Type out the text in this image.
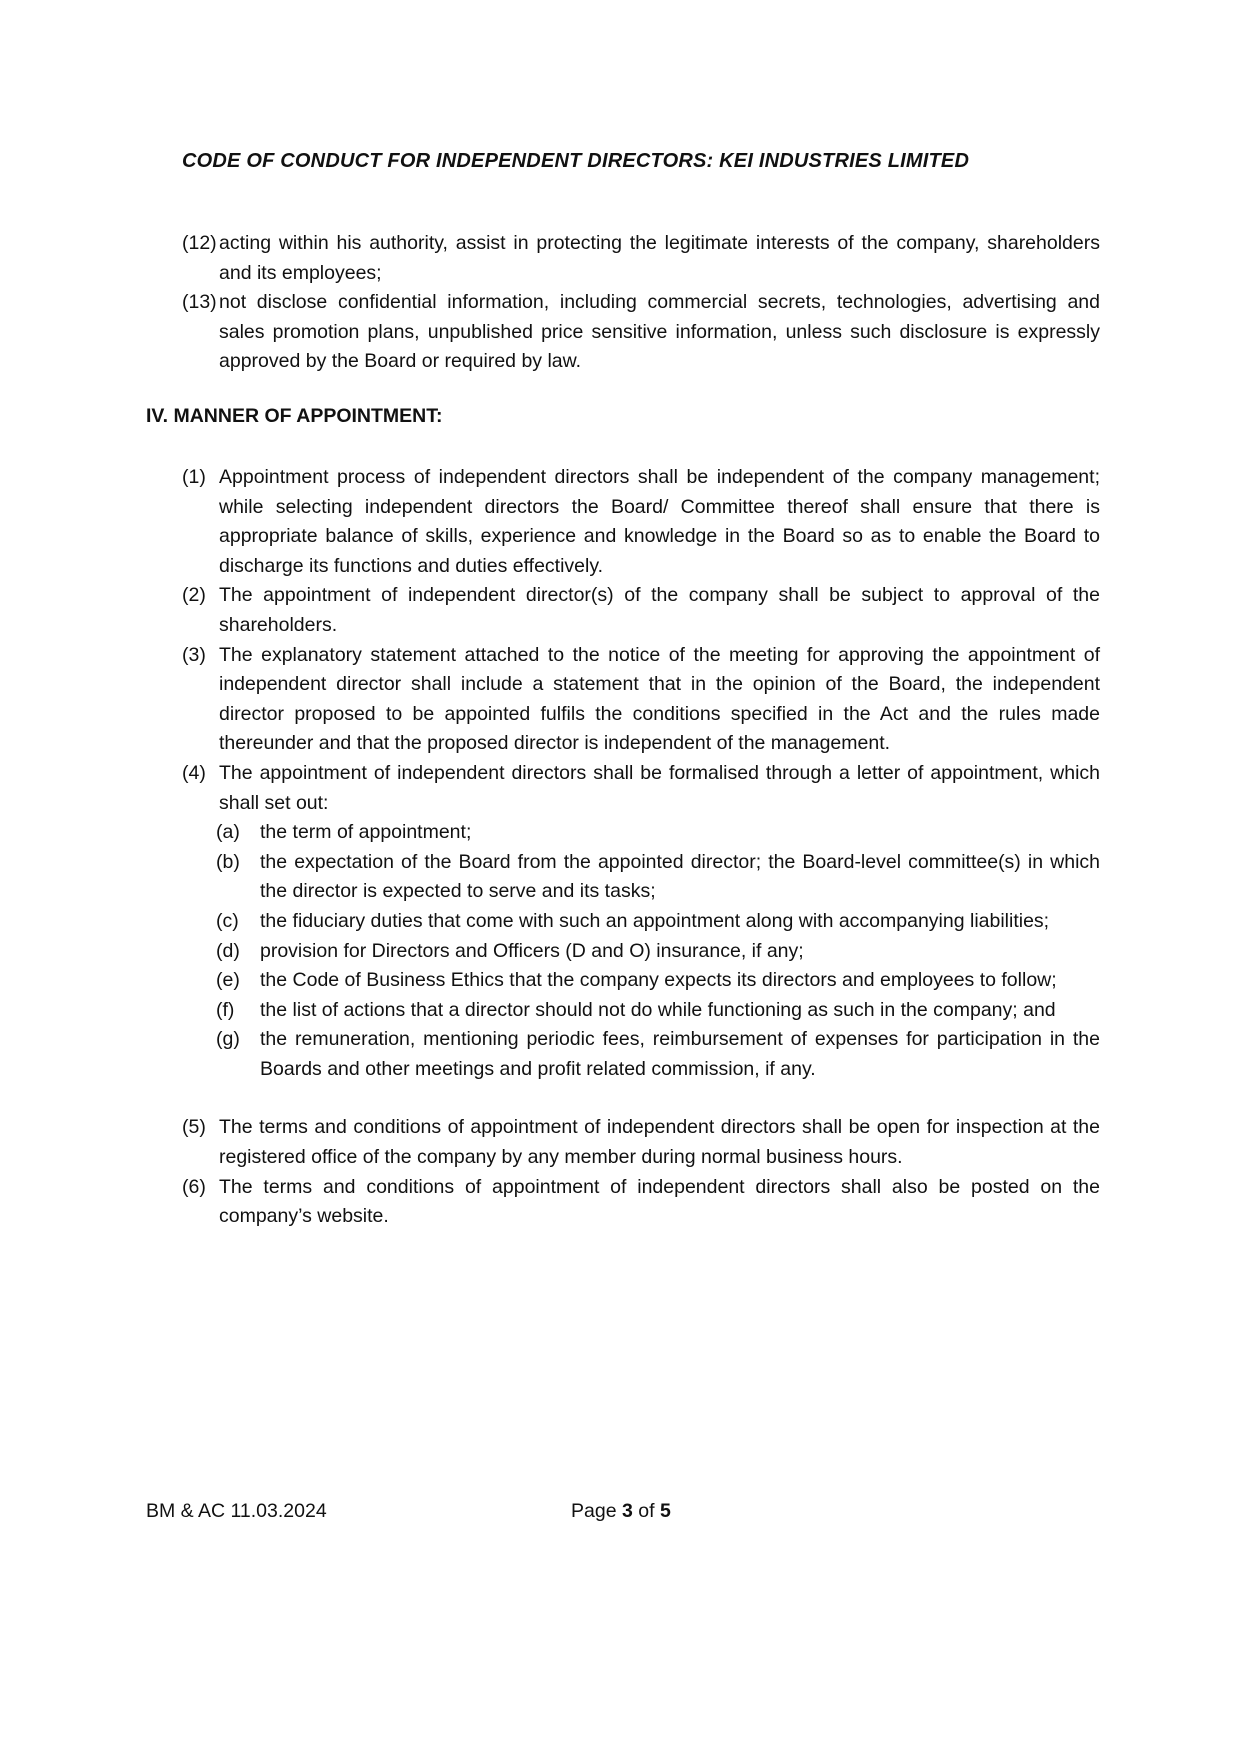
CODE OF CONDUCT FOR INDEPENDENT DIRECTORS: KEI INDUSTRIES LIMITED
(12) acting within his authority, assist in protecting the legitimate interests of the company, shareholders and its employees;
(13) not disclose confidential information, including commercial secrets, technologies, advertising and sales promotion plans, unpublished price sensitive information, unless such disclosure is expressly approved by the Board or required by law.
IV. MANNER OF APPOINTMENT:
(1) Appointment process of independent directors shall be independent of the company management; while selecting independent directors the Board/ Committee thereof shall ensure that there is appropriate balance of skills, experience and knowledge in the Board so as to enable the Board to discharge its functions and duties effectively.
(2) The appointment of independent director(s) of the company shall be subject to approval of the shareholders.
(3) The explanatory statement attached to the notice of the meeting for approving the appointment of independent director shall include a statement that in the opinion of the Board, the independent director proposed to be appointed fulfils the conditions specified in the Act and the rules made thereunder and that the proposed director is independent of the management.
(4) The appointment of independent directors shall be formalised through a letter of appointment, which shall set out:
(a) the term of appointment;
(b) the expectation of the Board from the appointed director; the Board-level committee(s) in which the director is expected to serve and its tasks;
(c) the fiduciary duties that come with such an appointment along with accompanying liabilities;
(d) provision for Directors and Officers (D and O) insurance, if any;
(e) the Code of Business Ethics that the company expects its directors and employees to follow;
(f) the list of actions that a director should not do while functioning as such in the company; and
(g) the remuneration, mentioning periodic fees, reimbursement of expenses for participation in the Boards and other meetings and profit related commission, if any.
(5) The terms and conditions of appointment of independent directors shall be open for inspection at the registered office of the company by any member during normal business hours.
(6) The terms and conditions of appointment of independent directors shall also be posted on the company’s website.
BM & AC 11.03.2024	Page 3 of 5
